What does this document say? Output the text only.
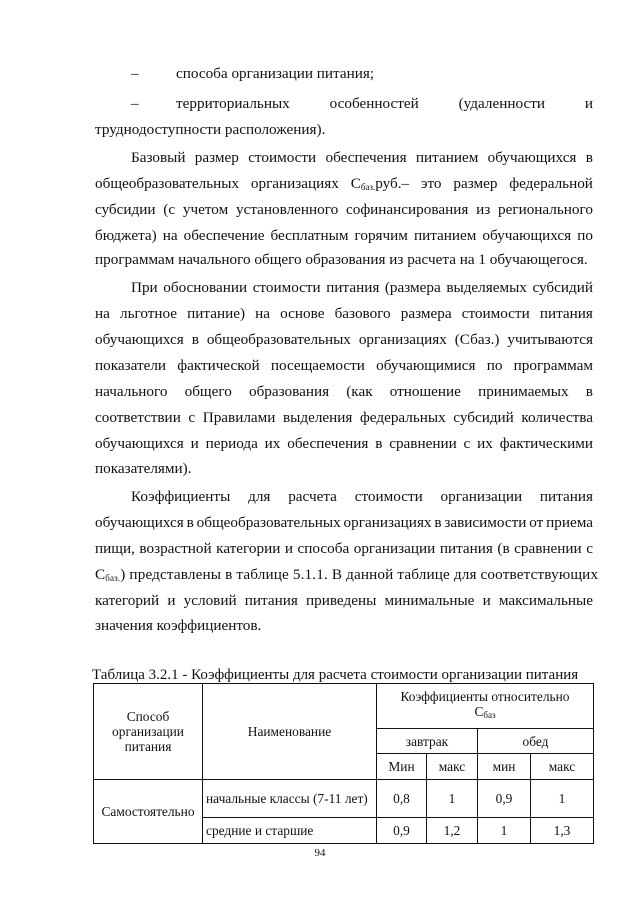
– способа организации питания;
– территориальных	особенностей	(удаленности	и
труднодоступности расположения).
Базовый размер стоимости обеспечения питанием обучающихся в
общеобразовательных организациях $C_{баз.}руб.-$ это размер федеральной
субсидии (с учетом установленного софинансирования из регионального
бюджета) на обеспечение бесплатным горячим питанием обучающихся по
программам начального общего образования из расчета на 1 обучающегося.
При обосновании стоимости питания (размера выделяемых субсидий
на льготное питание) на основе базового размера стоимости питания
обучающихся в общеобразовательных организациях (Сбаз.) учитываются
показатели фактической посещаемости обучающимися по программам
начального общего образования (как отношение принимаемых в
соответствии с Правилами выделения федеральных субсидий количества
обучающихся и периода их обеспечения в сравнении с их фактическими
показателями).
Коэффициенты для расчета стоимости организации питания
обучающихся в общеобразовательных организациях в зависимости от приема
пищи, возрастной категории и способа организации питания (в сравнении с
$C_{баз.}$) представлены в таблице 5.1.1. В данной таблице для соответствующих
категорий и условий питания приведены минимальные и максимальные
значения коэффициентов.
Таблица 3.2.1 - Коэффициенты для расчета стоимости организации питания
Способ организации питания	Наименование	Коэффициенты относительно
$С_{баз}$

		завтрак		обед	
		Мин	макс	мин	макс
Самостоятельно	начальные классы (7-11 лет)	0,8	1	0,9	1
	средние и старшие	0,9	1,2	1	1,3
94
